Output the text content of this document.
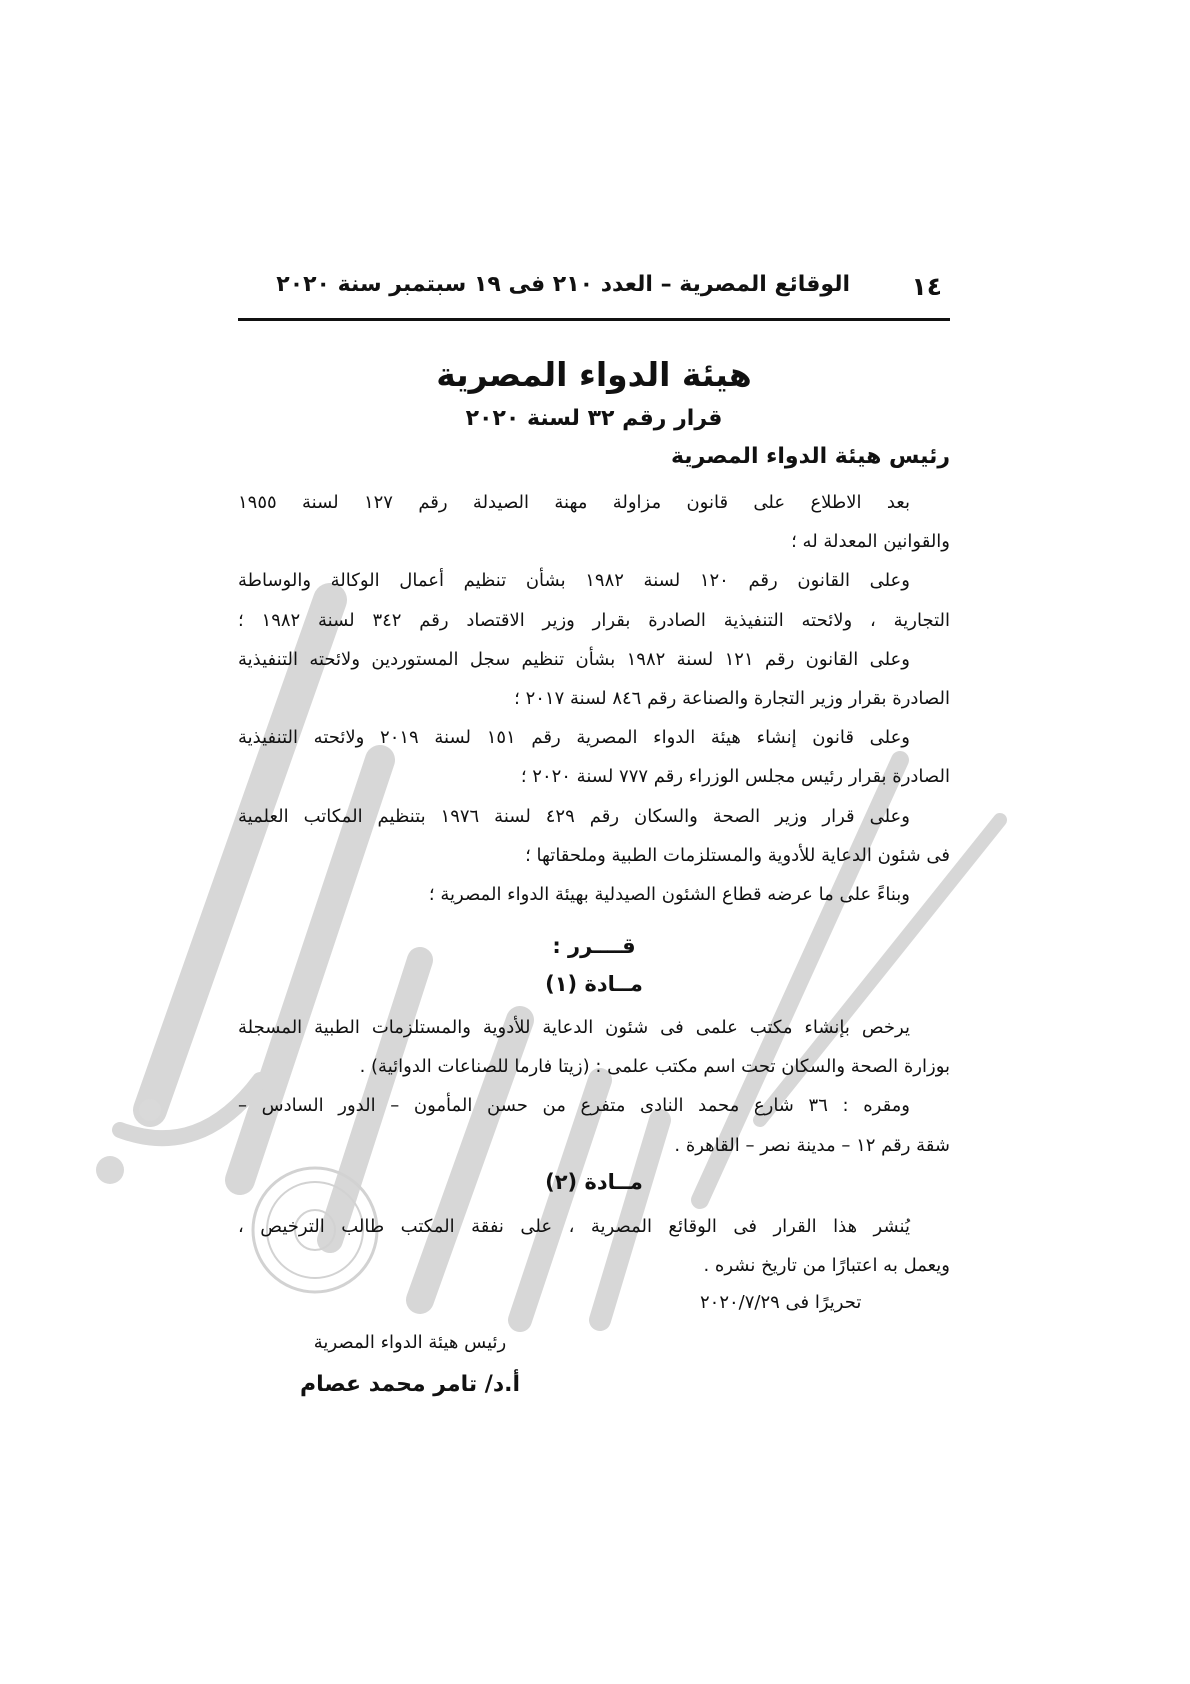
١٤
الوقائع المصرية – العدد ٢١٠ فى ١٩ سبتمبر سنة ٢٠٢٠
هيئة الدواء المصرية
قرار رقم ٣٢ لسنة ٢٠٢٠
رئيس هيئة الدواء المصرية
بعد الاطلاع على قانون مزاولة مهنة الصيدلة رقم ١٢٧ لسنة ١٩٥٥
والقوانين المعدلة له ؛
وعلى القانون رقم ١٢٠ لسنة ١٩٨٢ بشأن تنظيم أعمال الوكالة والوساطة
التجارية ، ولائحته التنفيذية الصادرة بقرار وزير الاقتصاد رقم ٣٤٢ لسنة ١٩٨٢ ؛
وعلى القانون رقم ١٢١ لسنة ١٩٨٢ بشأن تنظيم سجل المستوردين ولائحته التنفيذية
الصادرة بقرار وزير التجارة والصناعة رقم ٨٤٦ لسنة ٢٠١٧ ؛
وعلى قانون إنشاء هيئة الدواء المصرية رقم ١٥١ لسنة ٢٠١٩ ولائحته التنفيذية
الصادرة بقرار رئيس مجلس الوزراء رقم ٧٧٧ لسنة ٢٠٢٠ ؛
وعلى قرار وزير الصحة والسكان رقم ٤٢٩ لسنة ١٩٧٦ بتنظيم المكاتب العلمية
فى شئون الدعاية للأدوية والمستلزمات الطبية وملحقاتها ؛
وبناءً على ما عرضه قطاع الشئون الصيدلية بهيئة الدواء المصرية ؛
قــــرر :
مــادة (١)
يرخص بإنشاء مكتب علمى فى شئون الدعاية للأدوية والمستلزمات الطبية المسجلة
بوزارة الصحة والسكان تحت اسم مكتب علمى : (زيتا فارما للصناعات الدوائية) .
ومقره : ٣٦ شارع محمد النادى متفرع من حسن المأمون – الدور السادس –
شقة رقم ١٢ – مدينة نصر – القاهرة .
مــادة (٢)
يُنشر هذا القرار فى الوقائع المصرية ، على نفقة المكتب طالب الترخيص ،
ويعمل به اعتبارًا من تاريخ نشره .
تحريرًا فى ٢٠٢٠/٧/٢٩
رئيس هيئة الدواء المصرية
أ.د/ تامر محمد عصام
